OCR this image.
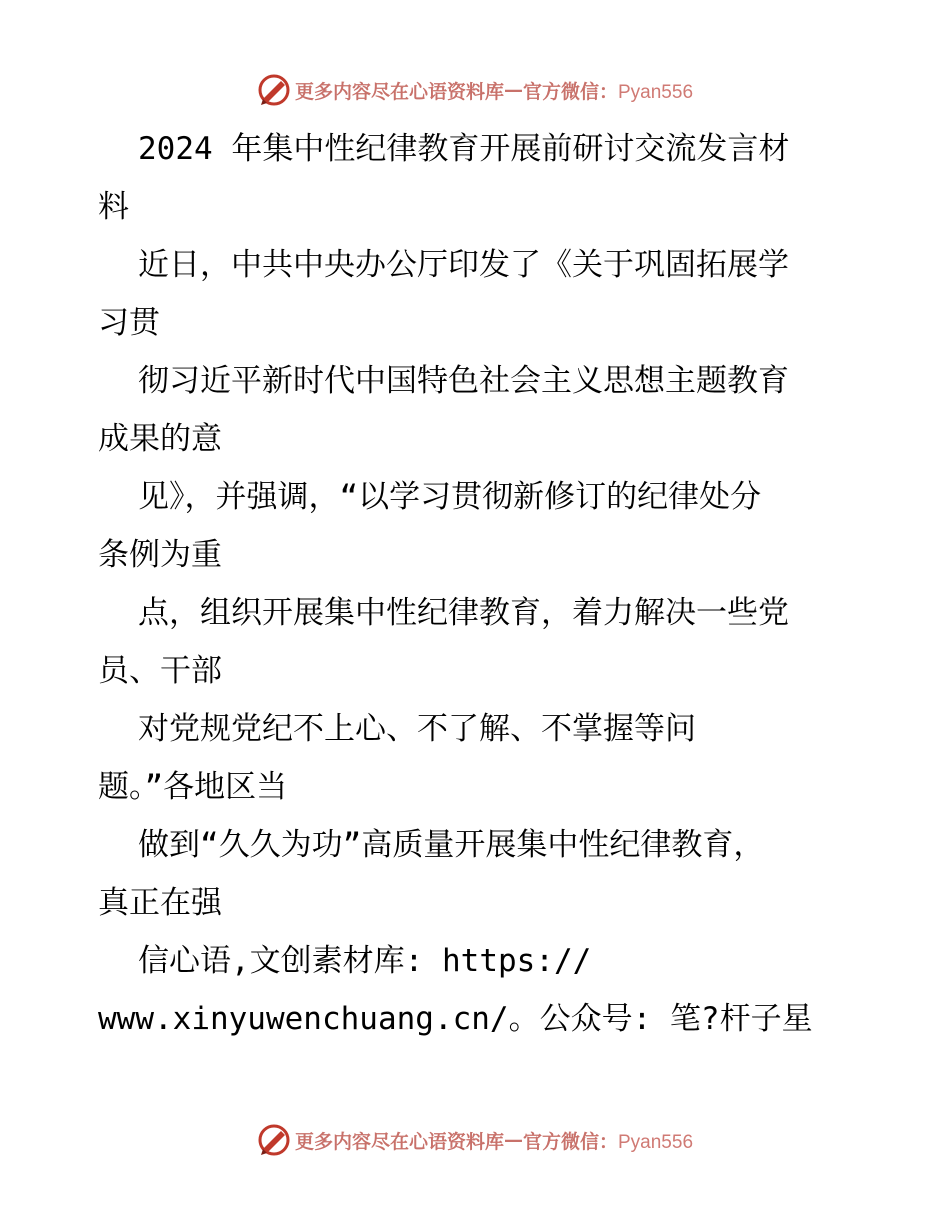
更多内容尽在心语资料库 — 官方微信：Pyan556
2024 年集中性纪律教育开展前研讨交流发言材
料
近日，中共中央办公厅印发了《关于巩固拓展学
习贯
彻习近平新时代中国特色社会主义思想主题教育
成果的意
见》，并强调，“以学习贯彻新修订的纪律处分
条例为重
点，组织开展集中性纪律教育，着力解决一些党
员、干部
对党规党纪不上心、不了解、不掌握等问
题。”各地区当
做到“久久为功”高质量开展集中性纪律教育，
真正在强
信心语,文创素材库: https://
www.xinyuwenchuang.cn/。公众号: 笔?杆子星
更多内容尽在心语资料库 — 官方微信：Pyan556
